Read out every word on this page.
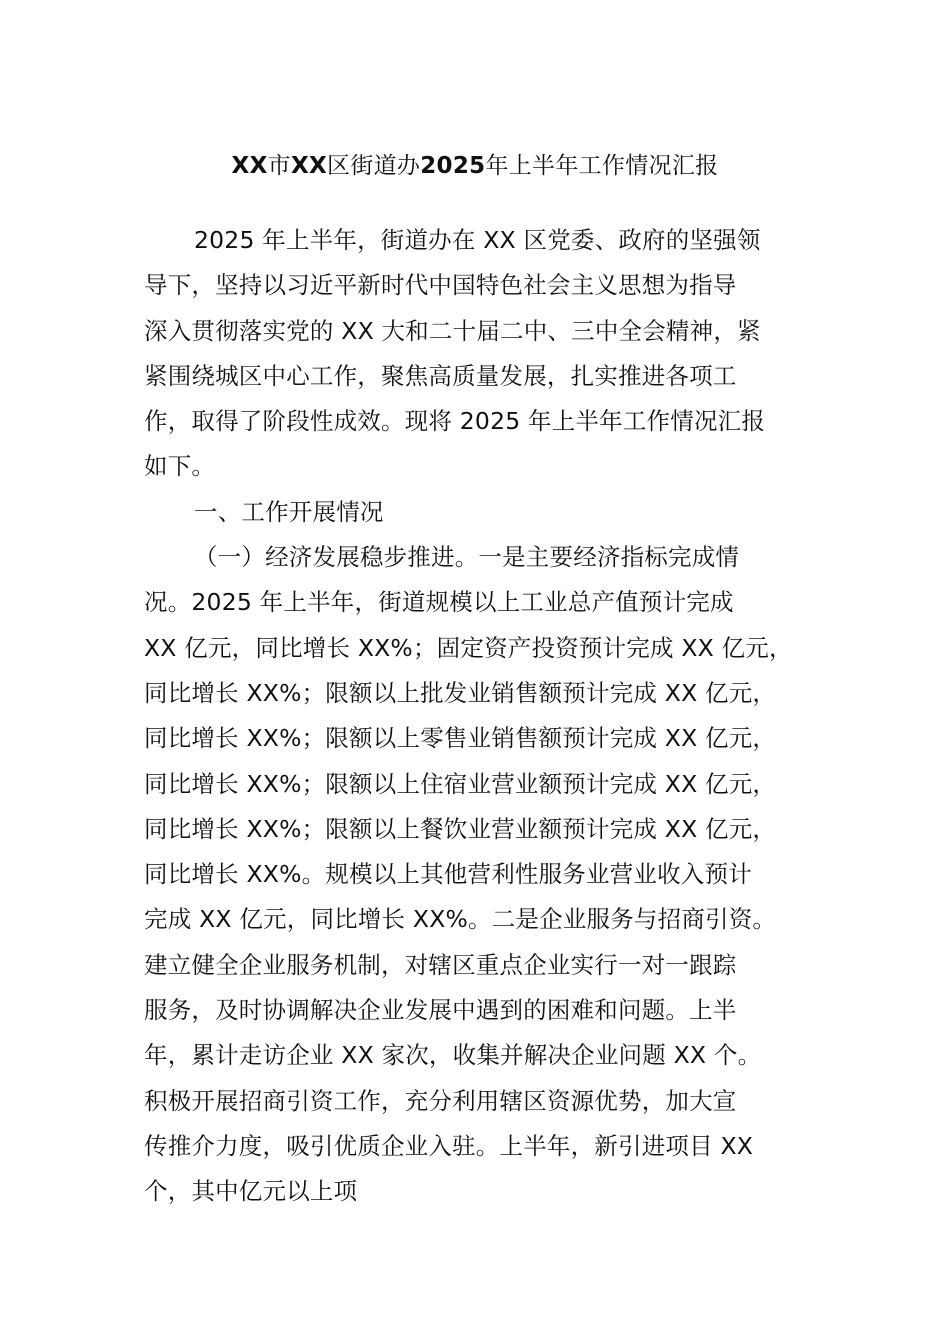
XX市XX区街道办2025年上半年工作情况汇报
2025 年上半年，街道办在 XX 区党委、政府的坚强领
导下，坚持以习近平新时代中国特色社会主义思想为指导
深入贯彻落实党的 XX 大和二十届二中、三中全会精神，紧
紧围绕城区中心工作，聚焦高质量发展，扎实推进各项工
作，取得了阶段性成效。现将 2025 年上半年工作情况汇报
如下。
一、工作开展情况
（一）经济发展稳步推进。一是主要经济指标完成情
况。2025 年上半年，街道规模以上工业总产值预计完成
XX 亿元，同比增长 XX%；固定资产投资预计完成 XX 亿元，
同比增长 XX%；限额以上批发业销售额预计完成 XX 亿元，
同比增长 XX%；限额以上零售业销售额预计完成 XX 亿元，
同比增长 XX%；限额以上住宿业营业额预计完成 XX 亿元，
同比增长 XX%；限额以上餐饮业营业额预计完成 XX 亿元，
同比增长 XX%。规模以上其他营利性服务业营业收入预计
完成 XX 亿元，同比增长 XX%。二是企业服务与招商引资。
建立健全企业服务机制，对辖区重点企业实行一对一跟踪
服务，及时协调解决企业发展中遇到的困难和问题。上半
年，累计走访企业 XX 家次，收集并解决企业问题 XX 个。
积极开展招商引资工作，充分利用辖区资源优势，加大宣
传推介力度，吸引优质企业入驻。上半年，新引进项目 XX
个，其中亿元以上项
